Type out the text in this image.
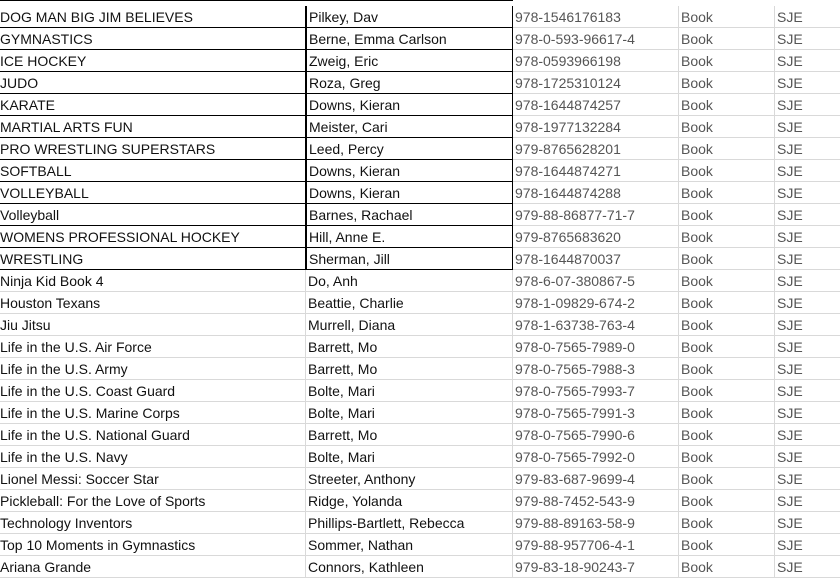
DOG MAN BIG JIM BELIEVES	Pilkey, Dav	978-1546176183	Book	SJE
GYMNASTICS	Berne, Emma Carlson	978-0-593-96617-4	Book	SJE
ICE HOCKEY	Zweig, Eric	978-0593966198	Book	SJE
JUDO	Roza, Greg	978-1725310124	Book	SJE
KARATE	Downs, Kieran	978-1644874257	Book	SJE
MARTIAL ARTS FUN	Meister, Cari	978-1977132284	Book	SJE
PRO WRESTLING SUPERSTARS	Leed, Percy	979-8765628201	Book	SJE
SOFTBALL	Downs, Kieran	978-1644874271	Book	SJE
VOLLEYBALL	Downs, Kieran	978-1644874288	Book	SJE
Volleyball	Barnes, Rachael	979-88-86877-71-7	Book	SJE
WOMENS PROFESSIONAL HOCKEY	Hill, Anne E.	979-8765683620	Book	SJE
WRESTLING	Sherman, Jill	978-1644870037	Book	SJE
Ninja Kid Book 4	Do, Anh	978-6-07-380867-5	Book	SJE
Houston Texans	Beattie, Charlie	978-1-09829-674-2	Book	SJE
Jiu Jitsu	Murrell, Diana	978-1-63738-763-4	Book	SJE
Life in the U.S. Air Force	Barrett, Mo	978-0-7565-7989-0	Book	SJE
Life in the U.S. Army	Barrett, Mo	978-0-7565-7988-3	Book	SJE
Life in the U.S. Coast Guard	Bolte, Mari	978-0-7565-7993-7	Book	SJE
Life in the U.S. Marine Corps	Bolte, Mari	978-0-7565-7991-3	Book	SJE
Life in the U.S. National Guard	Barrett, Mo	978-0-7565-7990-6	Book	SJE
Life in the U.S. Navy	Bolte, Mari	978-0-7565-7992-0	Book	SJE
Lionel Messi: Soccer Star	Streeter, Anthony	979-83-687-9699-4	Book	SJE
Pickleball: For the Love of Sports	Ridge, Yolanda	979-88-7452-543-9	Book	SJE
Technology Inventors	Phillips-Bartlett, Rebecca	979-88-89163-58-9	Book	SJE
Top 10 Moments in Gymnastics	Sommer, Nathan	979-88-957706-4-1	Book	SJE
Ariana Grande	Connors, Kathleen	979-83-18-90243-7	Book	SJE
